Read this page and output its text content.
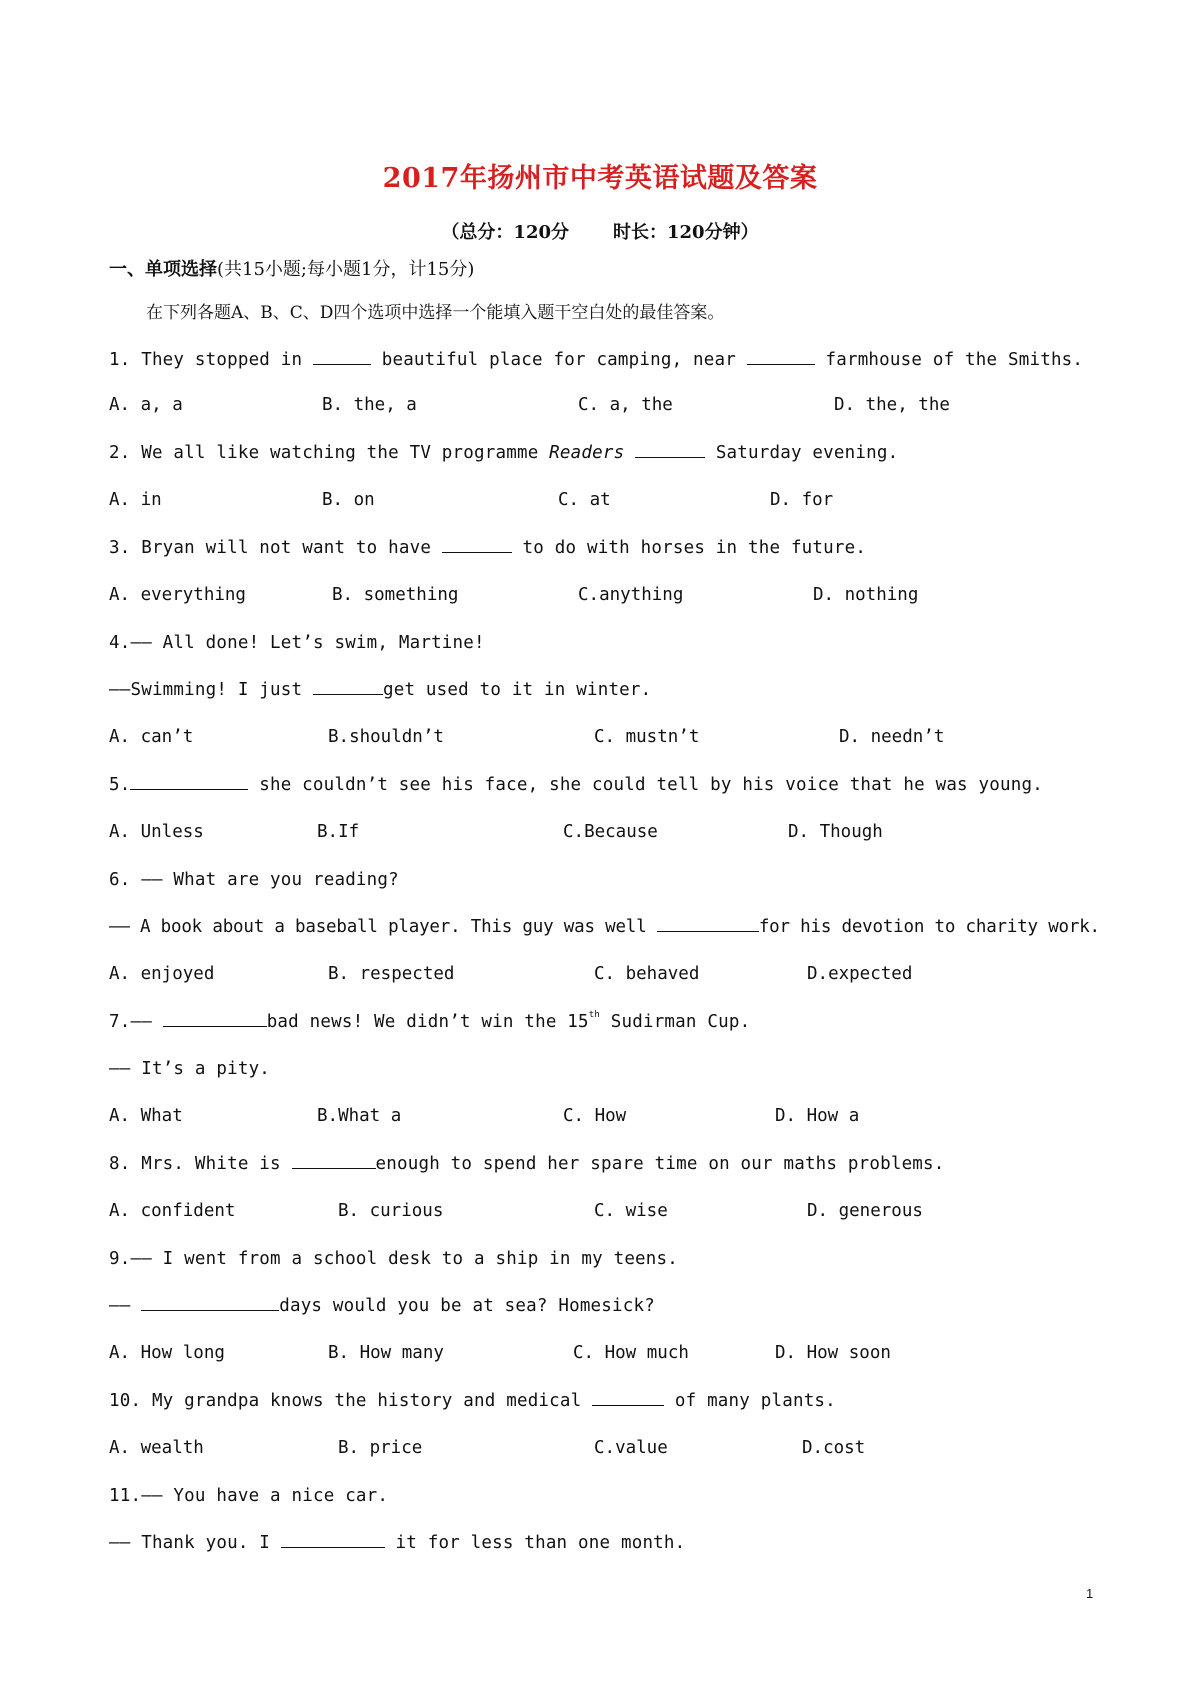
2017年扬州市中考英语试题及答案
（总分：120分 时长：120分钟）
一、单项选择(共15小题;每小题1分，计15分)
在下列各题A、B、C、D四个选项中选择一个能填入题干空白处的最佳答案。
1. They stopped in	beautiful place for camping, near	farmhouse of the Smiths.
A. a, a	B. the, a	C. a, the	D. the, the
2. We all like watching the TV programme Readers	Saturday evening.
A. in	B. on	C. at	D. for
3. Bryan will not want to have	to do with horses in the future.
A. everything	B. something	C.anything	D. nothing
4.—— All done! Let’s swim, Martine!
——Swimming! I just	get used to it in winter.
A. can’t	B.shouldn’t	C. mustn’t	D. needn’t
5.	she couldn’t see his face, she could tell by his voice that he was young.
A. Unless	B.If	C.Because	D. Though
6. —— What are you reading?
—— A book about a baseball player. This guy was well	for his devotion to charity work.
A. enjoyed	B. respected	C. behaved	D.expected
7.——	bad news! We didn’t win the 15th Sudirman Cup.
—— It’s a pity.
A. What	B.What a	C. How	D. How a
8. Mrs. White is	enough to spend her spare time on our maths problems.
A. confident	B. curious	C. wise	D. generous
9.—— I went from a school desk to a ship in my teens.
——	days would you be at sea? Homesick?
A. How long	B. How many	C. How much	D. How soon
10. My grandpa knows the history and medical	of many plants.
A. wealth	B. price	C.value	D.cost
11.—— You have a nice car.
—— Thank you. I	it for less than one month.
1
